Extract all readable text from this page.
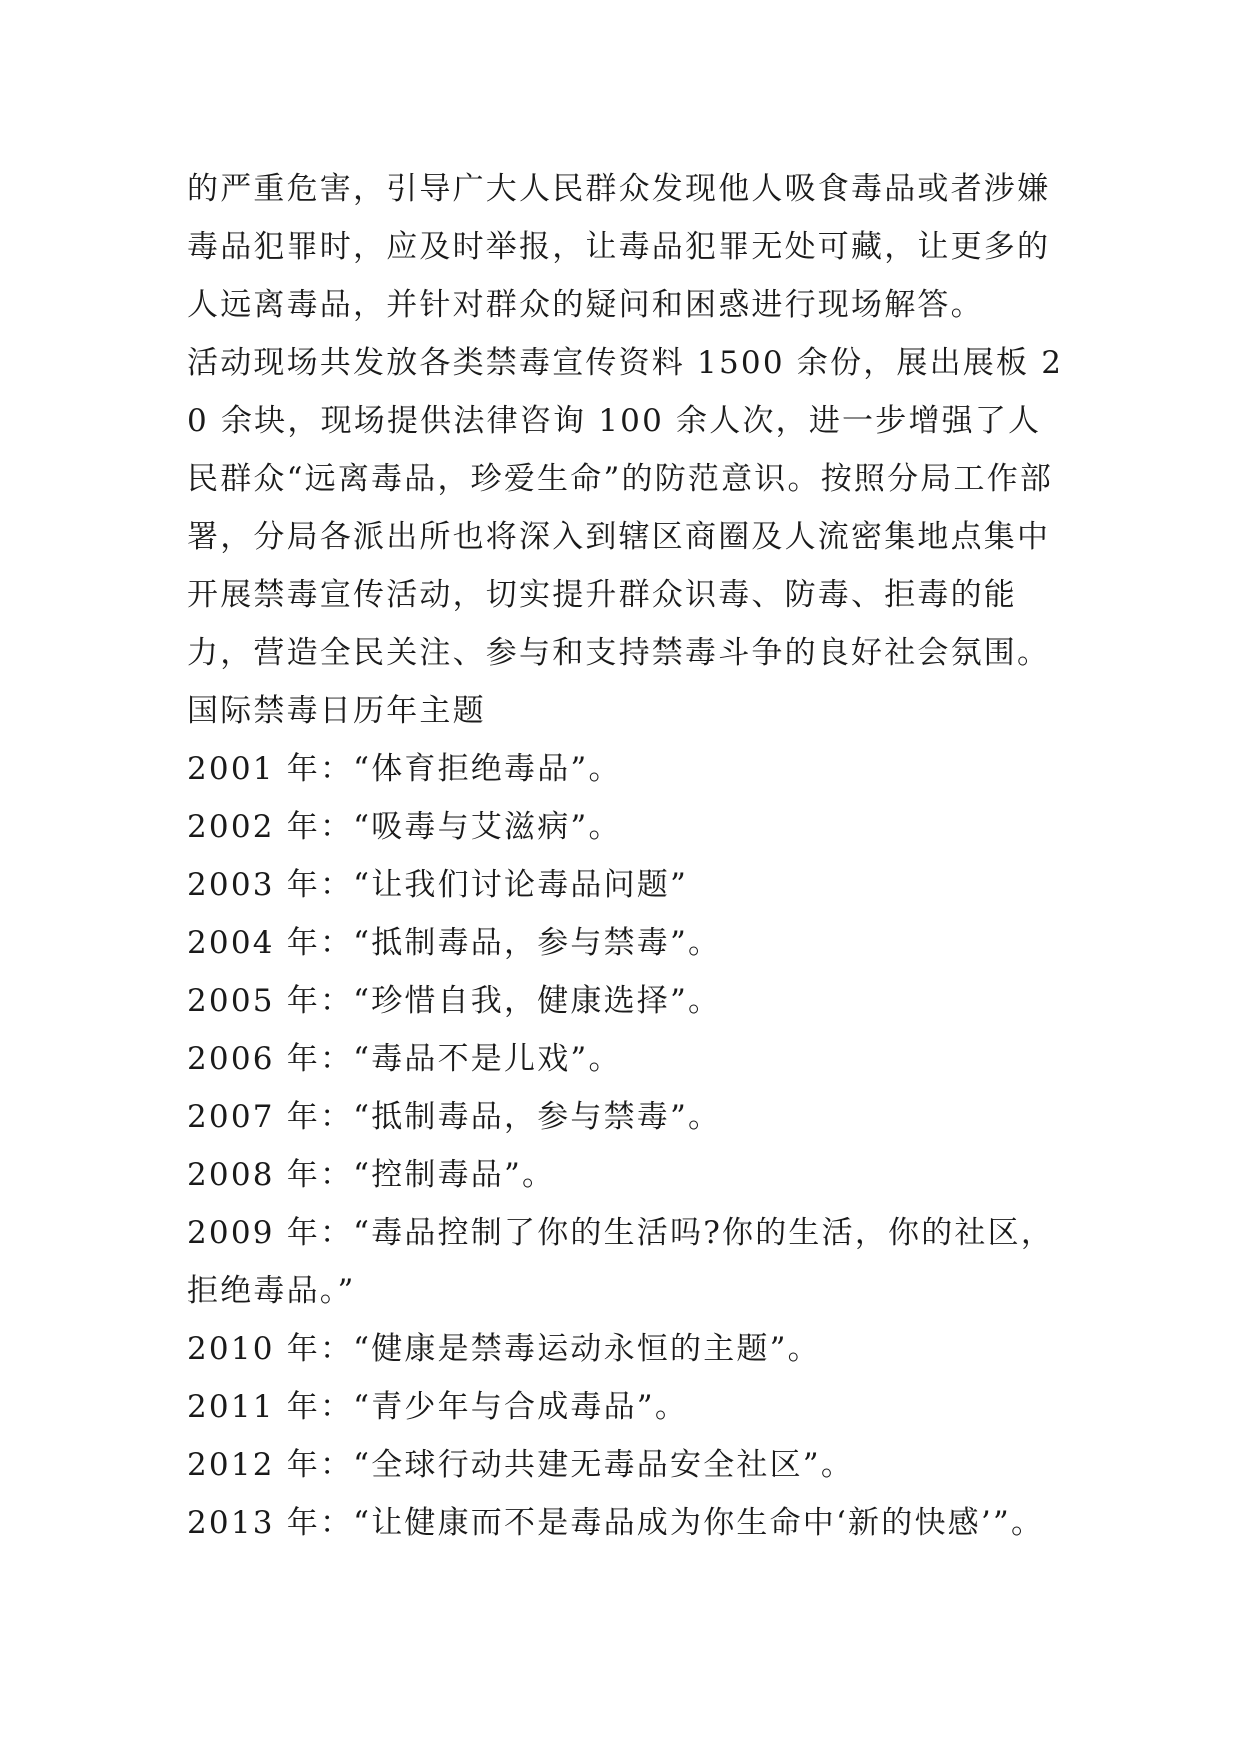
的严重危害，引导广大人民群众发现他人吸食毒品或者涉嫌毒品犯罪时，应及时举报，让毒品犯罪无处可藏，让更多的人远离毒品，并针对群众的疑问和困惑进行现场解答。

活动现场共发放各类禁毒宣传资料 1500 余份，展出展板 20 余块，现场提供法律咨询 100 余人次，进一步增强了人民群众“远离毒品，珍爱生命”的防范意识。按照分局工作部署，分局各派出所也将深入到辖区商圈及人流密集地点集中开展禁毒宣传活动，切实提升群众识毒、防毒、拒毒的能力，营造全民关注、参与和支持禁毒斗争的良好社会氛围。

国际禁毒日历年主题

2001 年：“体育拒绝毒品”。

2002 年：“吸毒与艾滋病”。

2003 年：“让我们讨论毒品问题”

2004 年：“抵制毒品，参与禁毒”。

2005 年：“珍惜自我，健康选择”。

2006 年：“毒品不是儿戏”。

2007 年：“抵制毒品，参与禁毒”。

2008 年：“控制毒品”。

2009 年：“毒品控制了你的生活吗?你的生活，你的社区，拒绝毒品。”

2010 年：“健康是禁毒运动永恒的主题”。

2011 年：“青少年与合成毒品”。

2012 年：“全球行动共建无毒品安全社区”。

2013 年：“让健康而不是毒品成为你生命中‘新的快感’”。
